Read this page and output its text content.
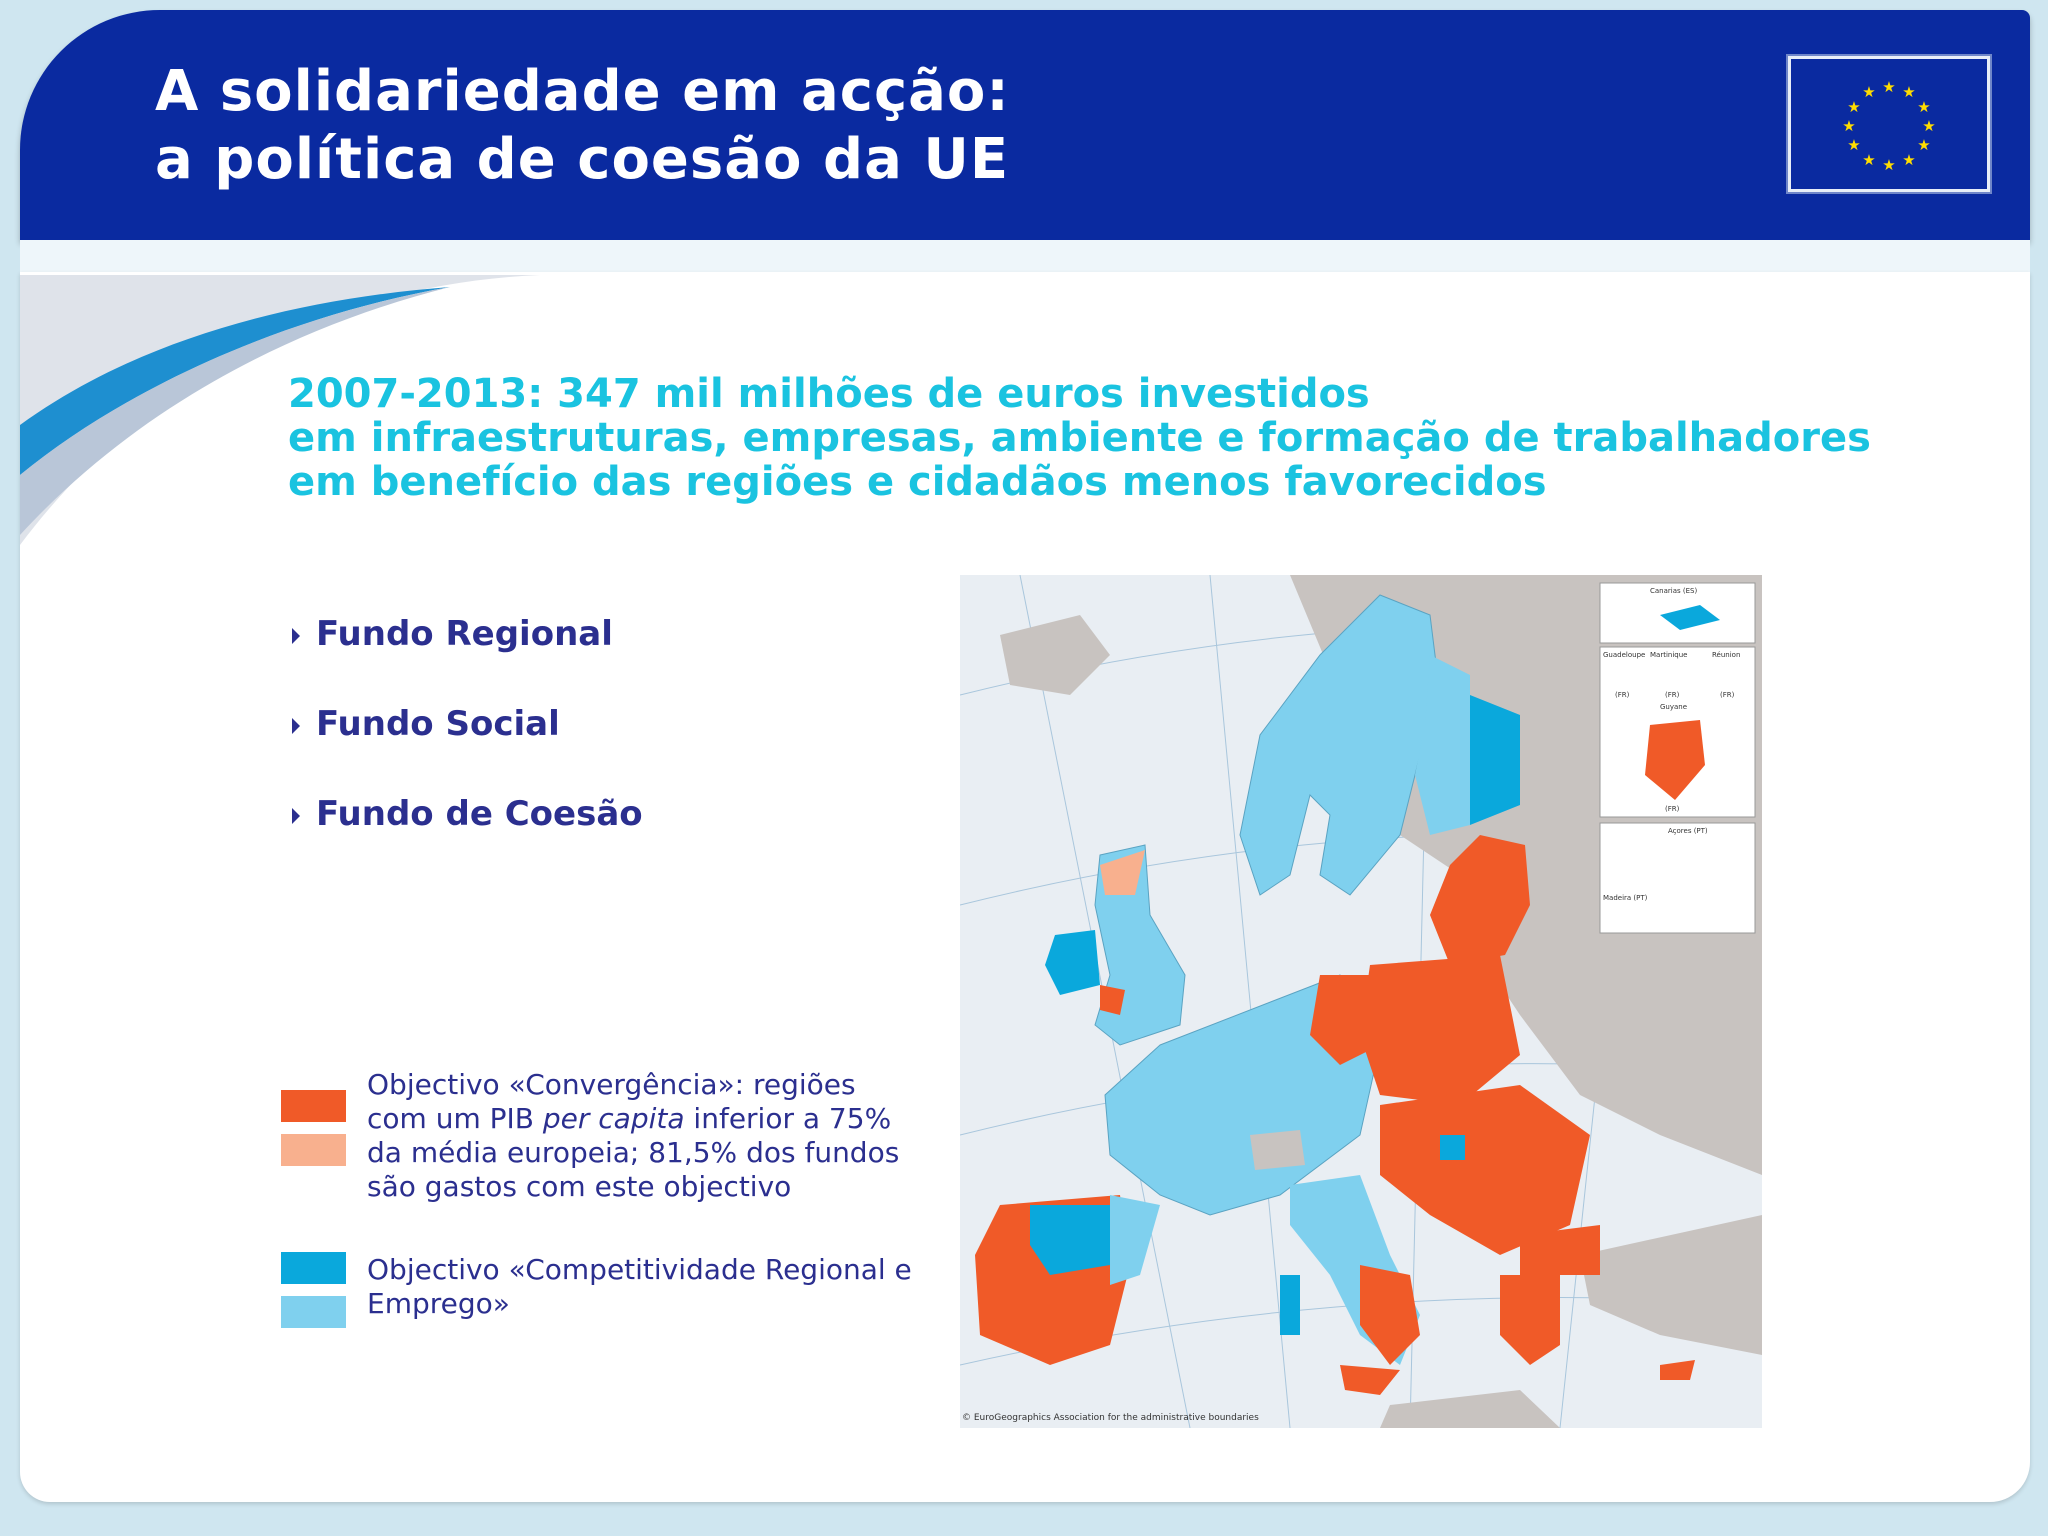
A solidariedade em acção:
a política de coesão da UE
★ ★
★
★
★
★
★
★
★
★
★
★
2007-2013: 347 mil milhões de euros investidos
em infraestruturas, empresas, ambiente e formação de trabalhadores
em benefício das regiões e cidadãos menos favorecidos
Fundo Regional
Fundo Social
Fundo de Coesão
Objectivo «Convergência»: regiões
com um PIB per capita inferior a 75%
da média europeia; 81,5% dos fundos
são gastos com este objectivo
Objectivo «Competitividade Regional e
Emprego»
Canarias (ES)
Guadeloupe Martinique	Réunion
(FR)	(FR)	(FR)
Guyane
(FR)
Açores (PT)
Madeira (PT)
© EuroGeographics Association for the administrative boundaries
